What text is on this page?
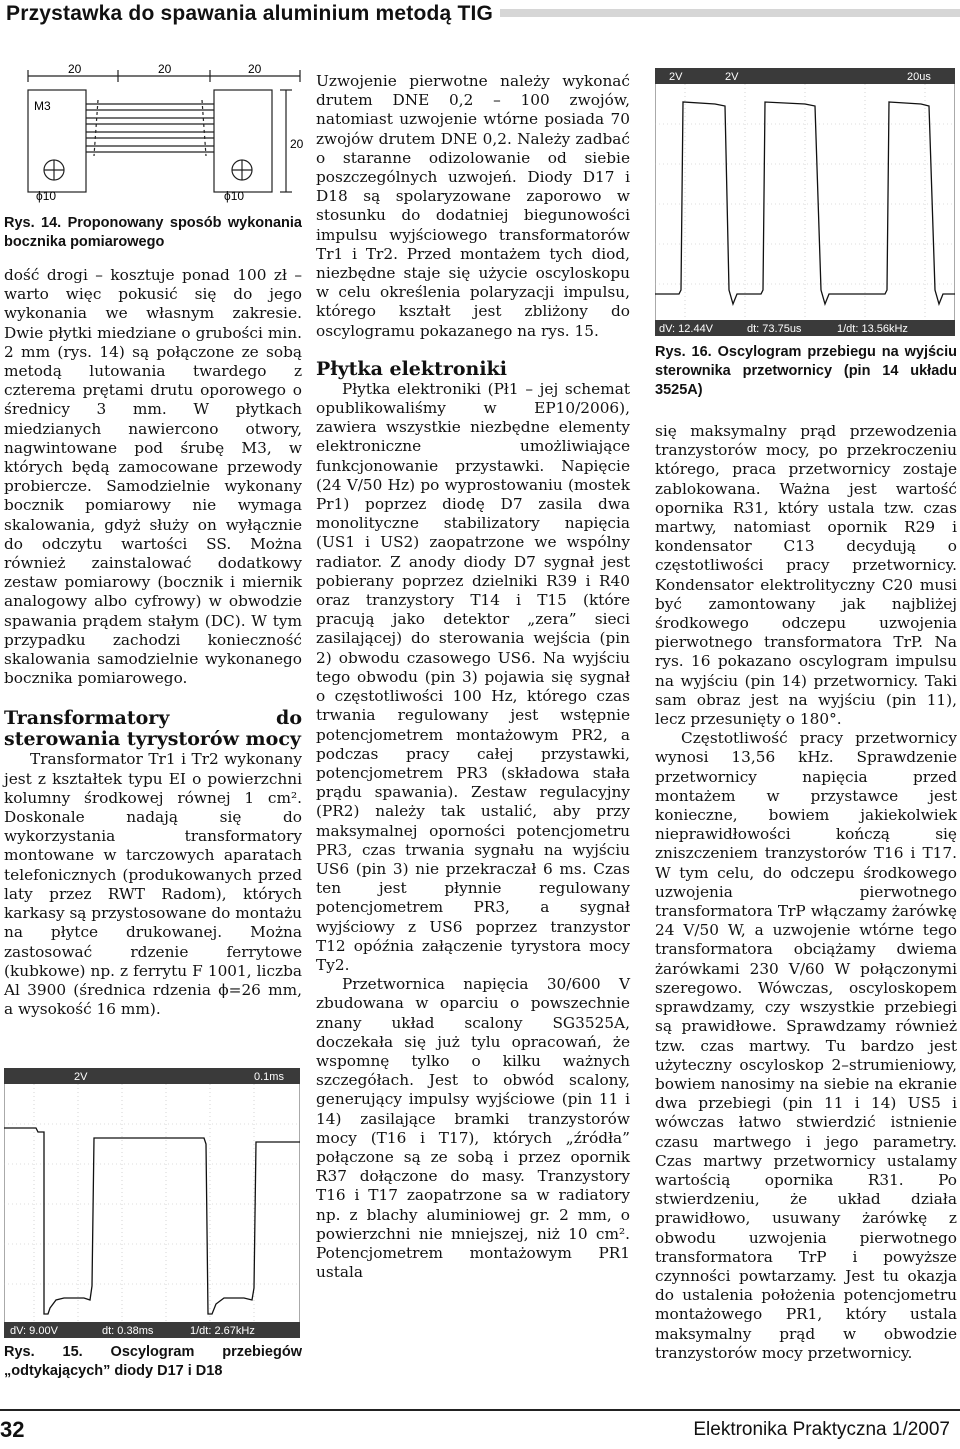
Przystawka do spawania aluminium metodą TIG
20	20	20
20
M3
ϕ10	ϕ10

Rys. 14. Proponowany sposób wykonania bocznika pomiarowego

dość drogi – kosztuje ponad 100 zł – warto więc pokusić się do jego wykonania we własnym zakresie. Dwie płytki miedziane o grubości min. 2 mm (rys. 14) są połączone ze sobą metodą lutowania twardego z czterema prętami drutu oporowego o średnicy 3 mm. W płytkach miedzianych nawiercono otwory, nagwintowane pod śrubę M3, w których będą zamocowane przewody probiercze. Samodzielnie wykonany bocznik pomiarowy nie wymaga skalowania, gdyż służy on wyłącznie do odczytu wartości SS. Można również zainstalować dodatkowy zestaw pomiarowy (bocznik i miernik analogowy albo cyfrowy) w obwodzie spawania prądem stałym (DC). W tym przypadku zachodzi konieczność skalowania samodzielnie wykonanego bocznika pomiarowego.

Transformatory do sterowania tyrystorów mocy

Transformator Tr1 i Tr2 wykonany jest z kształtek typu EI o powierzchni kolumny środkowej równej 1 cm². Doskonale nadają się do wykorzystania transformatory montowane w tarczowych aparatach telefonicznych (produkowanych przed laty przez RWT Radom), których karkasy są przystosowane do montażu na płytce drukowanej. Można zastosować rdzenie ferrytowe (kubkowe) np. z ferrytu F 1001, liczba Al 3900 (średnica rdzenia ϕ=26 mm, a wysokość 16 mm).

2V	0.1ms
dV: 9.00V	dt: 0.38ms	1/dt: 2.67kHz

Rys. 15. Oscylogram przebiegów „odtykających” diody D17 i D18

Uzwojenie pierwotne należy wykonać drutem DNE 0,2 – 100 zwojów, natomiast uzwojenie wtórne posiada 70 zwojów drutem DNE 0,2. Należy zadbać o staranne odizolowanie od siebie poszczególnych uzwojeń. Diody D17 i D18 są spolaryzowane zaporowo w stosunku do dodatniej biegunowości impulsu wyjściowego transformatorów Tr1 i Tr2. Przed montażem tych diod, niezbędne staje się użycie oscyloskopu w celu określenia polaryzacji impulsu, którego kształt jest zbliżony do oscylogramu pokazanego na rys. 15.

Płytka elektroniki

Płytka elektroniki (Pł1 – jej schemat opublikowaliśmy w EP10/2006), zawiera wszystkie niezbędne elementy elektroniczne umożliwiające funkcjonowanie przystawki. Napięcie (24 V/50 Hz) po wyprostowaniu (mostek Pr1) poprzez diodę D7 zasila dwa monolityczne stabilizatory napięcia (US1 i US2) zaopatrzone we wspólny radiator. Z anody diody D7 sygnał jest pobierany poprzez dzielniki R39 i R40 oraz tranzystory T14 i T15 (które pracują jako detektor „zera” sieci zasilającej) do sterowania wejścia (pin 2) obwodu czasowego US6. Na wyjściu tego obwodu (pin 3) pojawia się sygnał o częstotliwości 100 Hz, którego czas trwania regulowany jest wstępnie potencjometrem montażowym PR2, a podczas pracy całej przystawki, potencjometrem PR3 (składowa stała prądu spawania). Zestaw regulacyjny (PR2) należy tak ustalić, aby przy maksymalnej oporności potencjometru PR3, czas trwania sygnału na wyjściu US6 (pin 3) nie przekraczał 6 ms. Czas ten jest płynnie regulowany potencjometrem PR3, a sygnał wyjściowy z US6 poprzez tranzystor T12 opóźnia załączenie tyrystora mocy Ty2.

Przetwornica napięcia 30/600 V zbudowana w oparciu o powszechnie znany układ scalony SG3525A, doczekała się już tylu opracowań, że wspomnę tylko o kilku ważnych szczegółach. Jest to obwód scalony, generujący impulsy wyjściowe (pin 11 i 14) zasilające bramki tranzystorów mocy (T16 i T17), których „źródła” połączone są ze sobą i przez opornik R37 dołączone do masy. Tranzystory T16 i T17 zaopatrzone sa w radiatory np. z blachy aluminiowej gr. 2 mm, o powierzchni nie mniejszej, niż 10 cm². Potencjometrem montażowym PR1 ustala

2V	2V	20us
dV: 12.44V	dt: 73.75us	1/dt: 13.56kHz

Rys. 16. Oscylogram przebiegu na wyjściu sterownika przetwornicy (pin 14 układu 3525A)

się maksymalny prąd przewodzenia tranzystorów mocy, po przekroczeniu którego, praca przetwornicy zostaje zablokowana. Ważna jest wartość opornika R31, który ustala tzw. czas martwy, natomiast opornik R29 i kondensator C13 decydują o częstotliwości pracy przetwornicy. Kondensator elektrolityczny C20 musi być zamontowany jak najbliżej środkowego odczepu uzwojenia pierwotnego transformatora TrP. Na rys. 16 pokazano oscylogram impulsu na wyjściu (pin 14) przetwornicy. Taki sam obraz jest na wyjściu (pin 11), lecz przesunięty o 180°.

Częstotliwość pracy przetwornicy wynosi 13,56 kHz. Sprawdzenie przetwornicy napięcia przed montażem w przystawce jest konieczne, bowiem jakiekolwiek nieprawidłowości kończą się zniszczeniem tranzystorów T16 i T17. W tym celu, do odczepu środkowego uzwojenia pierwotnego transformatora TrP włączamy żarówkę 24 V/50 W, a uzwojenie wtórne tego transformatora obciążamy dwiema żarówkami 230 V/60 W połączonymi szeregowo. Wówczas, oscyloskopem sprawdzamy, czy wszystkie przebiegi są prawidłowe. Sprawdzamy również tzw. czas martwy. Tu bardzo jest użyteczny oscyloskop 2–strumieniowy, bowiem nanosimy na siebie na ekranie dwa przebiegi (pin 11 i 14) US5 i wówczas łatwo stwierdzić istnienie czasu martwego i jego parametry. Czas martwy przetwornicy ustalamy wartością opornika R31. Po stwierdzeniu, że układ działa prawidłowo, usuwany żarówkę z obwodu uzwojenia pierwotnego transformatora TrP i powyższe czynności powtarzamy. Jest tu okazja do ustalenia położenia potencjometru montażowego PR1, który ustala maksymalny prąd w obwodzie tranzystorów mocy przetwornicy.

32	Elektronika Praktyczna 1/2007
